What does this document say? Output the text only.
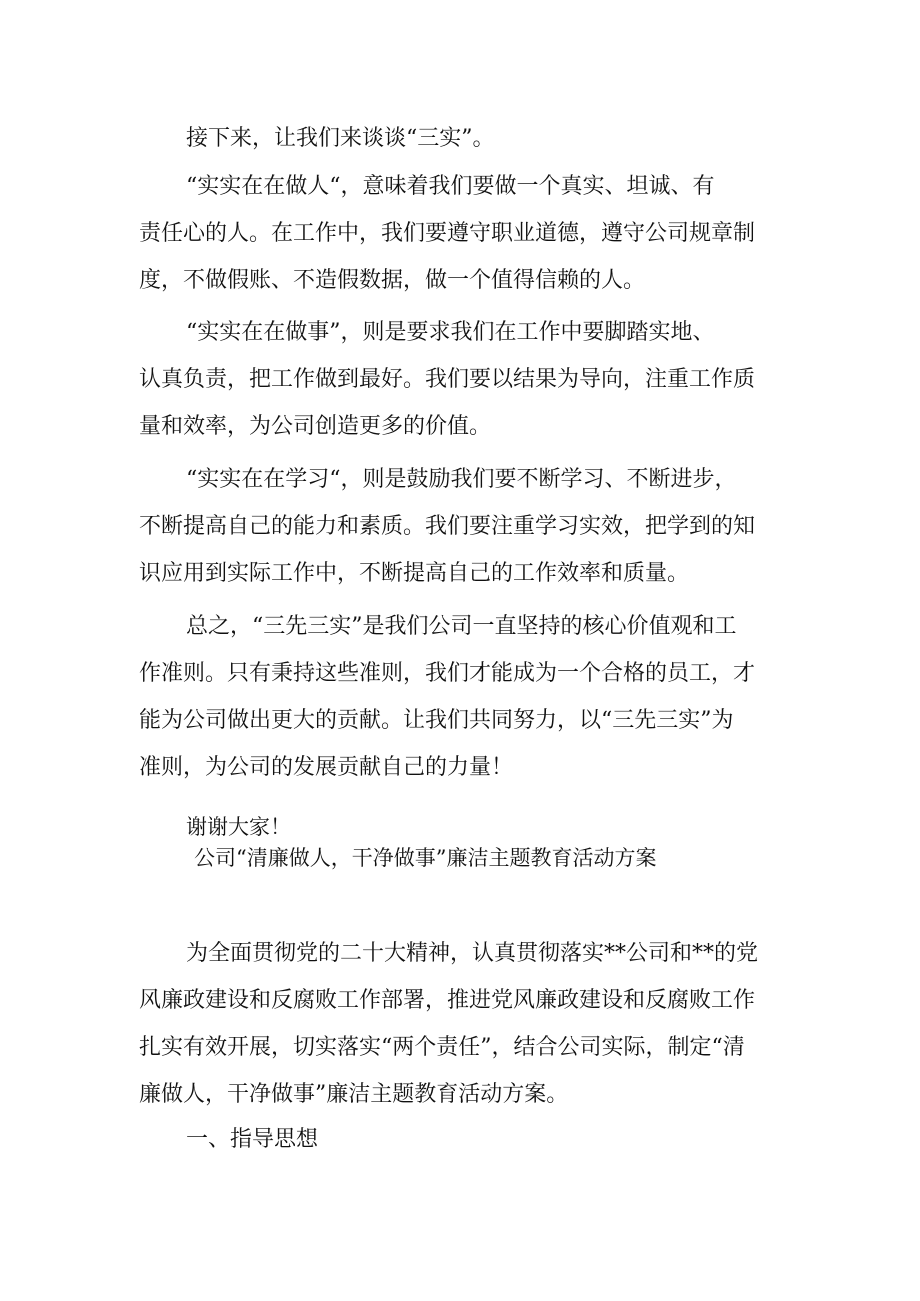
接下来，让我们来谈谈“三实”。
“实实在在做人“，意味着我们要做一个真实、坦诚、有
责任心的人。在工作中，我们要遵守职业道德，遵守公司规章制
度，不做假账、不造假数据，做一个值得信赖的人。
“实实在在做事”，则是要求我们在工作中要脚踏实地、
认真负责，把工作做到最好。我们要以结果为导向，注重工作质
量和效率，为公司创造更多的价值。
“实实在在学习“，则是鼓励我们要不断学习、不断进步，
不断提高自己的能力和素质。我们要注重学习实效，把学到的知
识应用到实际工作中，不断提高自己的工作效率和质量。
总之，“三先三实”是我们公司一直坚持的核心价值观和工
作准则。只有秉持这些准则，我们才能成为一个合格的员工，才
能为公司做出更大的贡献。让我们共同努力，以“三先三实”为
准则，为公司的发展贡献自己的力量！
谢谢大家！
公司“清廉做人，干净做事”廉洁主题教育活动方案
为全面贯彻党的二十大精神，认真贯彻落实**公司和**的党
风廉政建设和反腐败工作部署，推进党风廉政建设和反腐败工作
扎实有效开展，切实落实“两个责任”，结合公司实际，制定“清
廉做人，干净做事”廉洁主题教育活动方案。
一、指导思想
